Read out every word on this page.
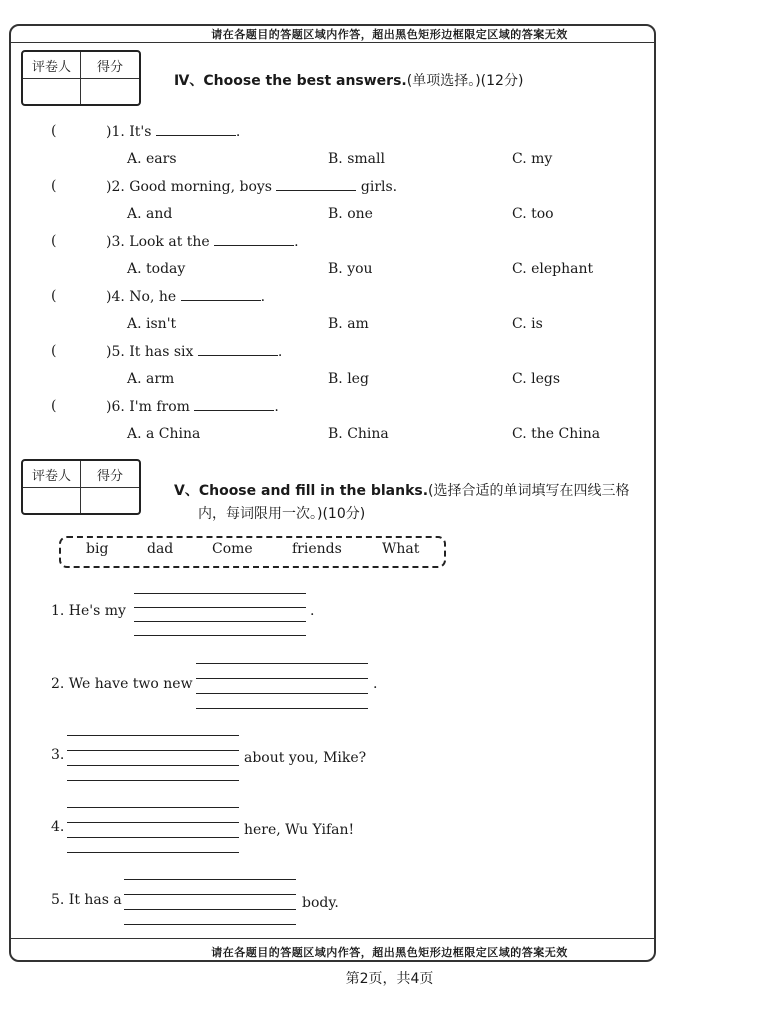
请在各题目的答题区域内作答，超出黑色矩形边框限定区域的答案无效
评卷人	得分
Ⅳ、Choose the best answers.(单项选择。)(12分)
(	)1. It's	.
A. ears	B. small	C. my
(	)2. Good morning, boys	girls.
A. and	B. one	C. too
(	)3. Look at the	.
A. today	B. you	C. elephant
(	)4. No, he	.
A. isn't	B. am	C. is
(	)5. It has six	.
A. arm	B. leg	C. legs
(	)6. I'm from	.
A. a China	B. China	C. the China
评卷人	得分
Ⅴ、Choose and fill in the blanks.(选择合适的单词填写在四线三格
内，每词限用一次。)(10分)
big	dad	Come	friends	What
1. He's my	.
2. We have two new	.
3.	about you, Mike?
4.	here, Wu Yifan!
5. It has a	body.
请在各题目的答题区域内作答，超出黑色矩形边框限定区域的答案无效
第2页，共4页
